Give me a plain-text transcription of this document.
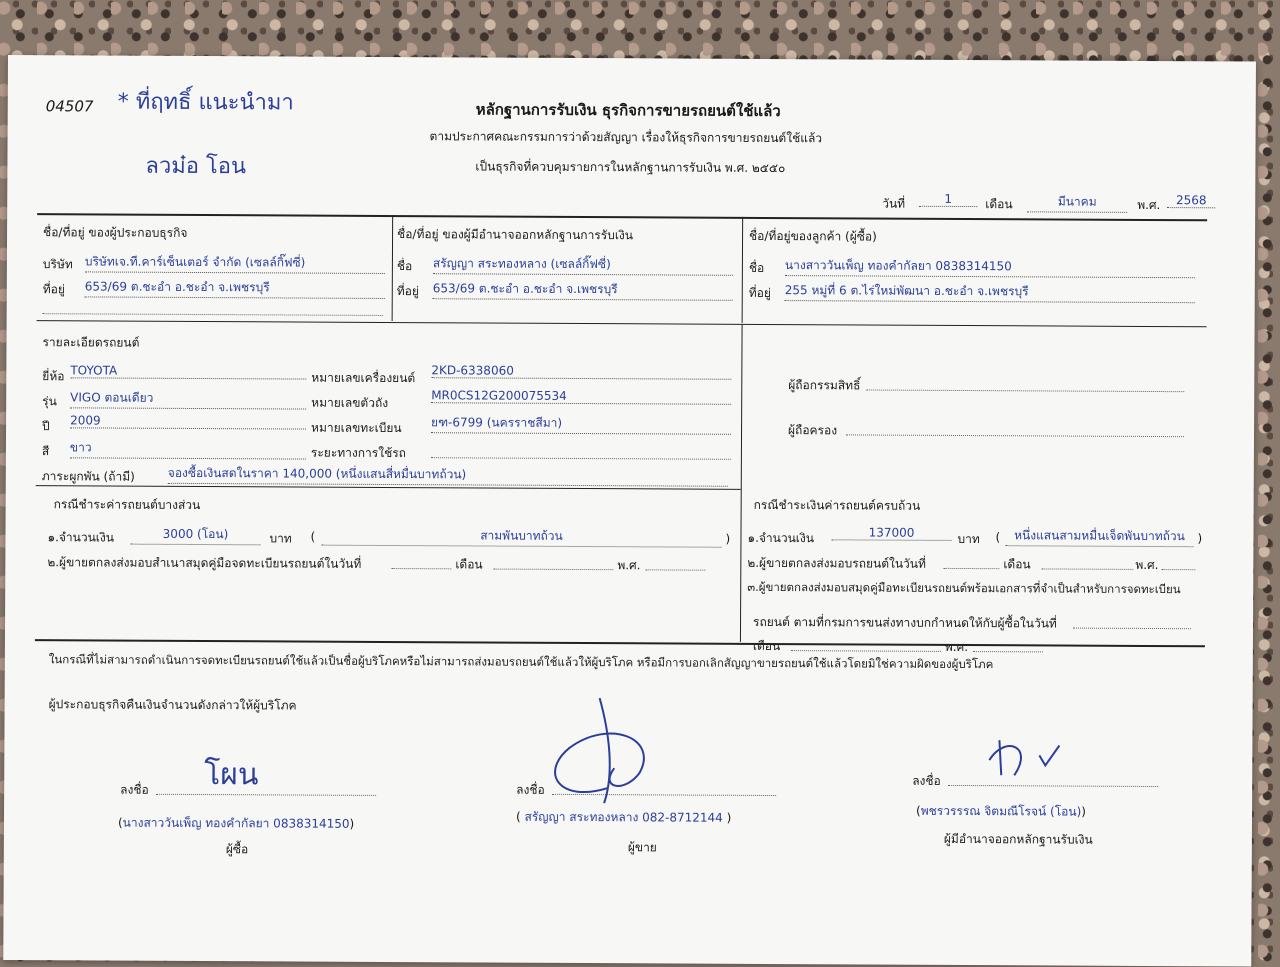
04507 * ที่ฤทธิ์ แนะนำมา
ลวม๋อ โอน
หลักฐานการรับเงิน ธุรกิจการขายรถยนต์ใช้แล้ว
ตามประกาศคณะกรรมการว่าด้วยสัญญา เรื่องให้ธุรกิจการขายรถยนต์ใช้แล้ว
เป็นธุรกิจที่ควบคุมรายการในหลักฐานการรับเงิน พ.ศ. ๒๕๕๐
วันที่	1	เดือน	มีนาคม	พ.ศ.	2568
ชื่อ/ที่อยู่ ของผู้ประกอบธุรกิจ
บริษัท บริษัทเจ.ที.คาร์เซ็นเตอร์ จำกัด (เซลล์กิ๊ฟซี่)
ที่อยู่ 653/69 ต.ชะอำ อ.ชะอำ จ.เพชรบุรี
ชื่อ/ที่อยู่ ของผู้มีอำนาจออกหลักฐานการรับเงิน
ชื่อ สรัญญา สระทองหลาง (เซลล์กิ๊ฟซี่)
ที่อยู่ 653/69 ต.ชะอำ อ.ชะอำ จ.เพชรบุรี
ชื่อ/ที่อยู่ของลูกค้า (ผู้ซื้อ)
ชื่อ นางสาววันเพ็ญ ทองคำกัลยา 0838314150
ที่อยู่ 255 หมู่ที่ 6 ต.ไร่ใหม่พัฒนา อ.ชะอำ จ.เพชรบุรี
รายละเอียดรถยนต์
ยี่ห้อ TOYOTA
รุ่น VIGO ตอนเดียว
ปี 2009
สี ขาว
หมายเลขเครื่องยนต์
2KD-6338060
หมายเลขตัวถัง	MR0CS12G200075534
หมายเลขทะเบียน ยฑ-6799 (นครราชสีมา)
ระยะทางการใช้รถ
ภาระผูกพัน (ถ้ามี)	จองซื้อเงินสดในราคา 140,000 (หนึ่งแสนสี่หมื่นบาทถ้วน)
ผู้ถือกรรมสิทธิ์
ผู้ถือครอง
กรณีชำระค่ารถยนต์บางส่วน
๑.จำนวนเงิน	3000 (โอน)	บาท (	สามพันบาทถ้วน	)
๒.ผู้ขายตกลงส่งมอบสำเนาสมุดคู่มือจดทะเบียนรถยนต์ในวันที่	เดือน	พ.ศ.
กรณีชำระเงินค่ารถยนต์ครบถ้วน
๑.จำนวนเงิน	137000	บาท (	หนึ่งแสนสามหมื่นเจ็ดพันบาทถ้วน	)
๒.ผู้ขายตกลงส่งมอบรถยนต์ในวันที่	เดือน	พ.ศ.
๓.ผู้ขายตกลงส่งมอบสมุดคู่มือทะเบียนรถยนต์พร้อมเอกสารที่จำเป็นสำหรับการจดทะเบียน
รถยนต์ ตามที่กรมการขนส่งทางบกกำหนดให้กับผู้ซื้อในวันที่
เดือน	พ.ศ.
ในกรณีที่ไม่สามารถดำเนินการจดทะเบียนรถยนต์ใช้แล้วเป็นชื่อผู้บริโภคหรือไม่สามารถส่งมอบรถยนต์ใช้แล้วให้ผู้บริโภค หรือมีการบอกเลิกสัญญาขายรถยนต์ใช้แล้วโดยมิใช่ความผิดของผู้บริโภค
ผู้ประกอบธุรกิจคืนเงินจำนวนดังกล่าวให้ผู้บริโภค
ลงชื่อ โผน
(นางสาววันเพ็ญ ทองคำกัลยา 0838314150)
ผู้ซื้อ
ลงชื่อ
( สรัญญา สระทองหลาง 082-8712144 )
ผู้ขาย
ลงชื่อ
(พชรวรรรณ จิตมณีโรจน์ (โอน))
ผู้มีอำนาจออกหลักฐานรับเงิน
